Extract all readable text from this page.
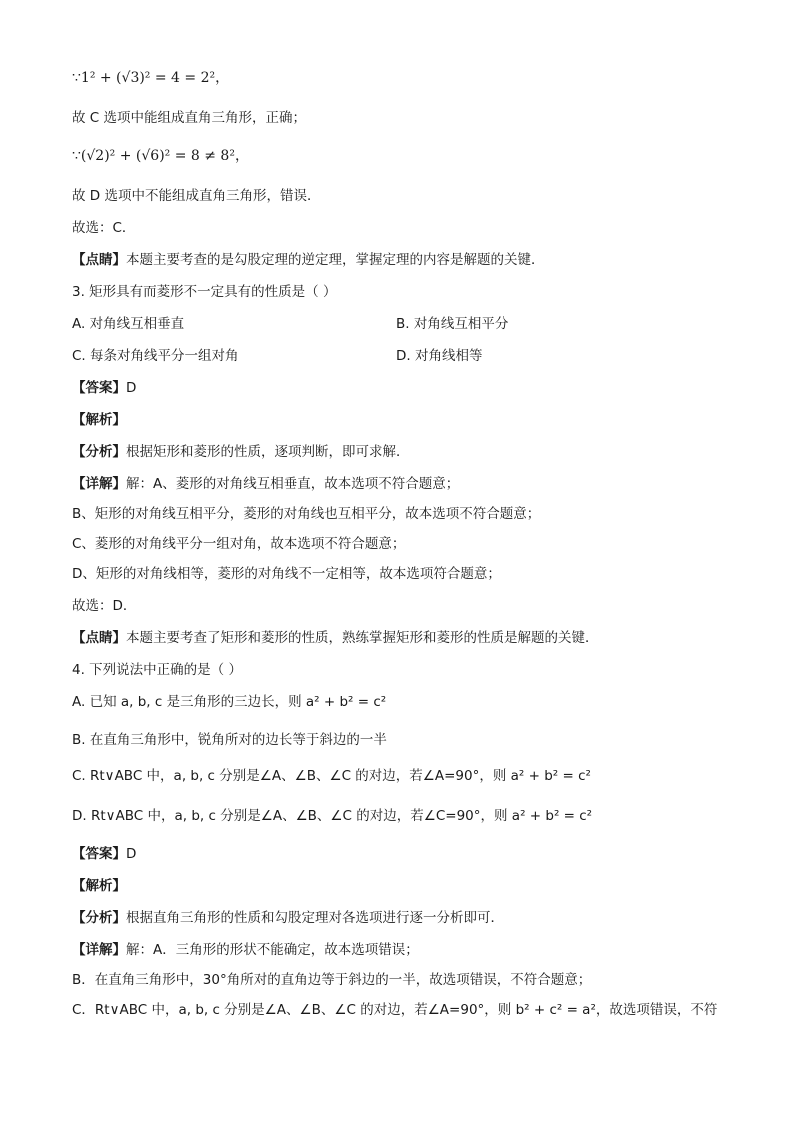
∵1² + (√3)² = 4 = 2²，
故 C 选项中能组成直角三角形，正确；
∵(√2)² + (√6)² = 8 ≠ 8²，
故 D 选项中不能组成直角三角形，错误．
故选：C．
【点睛】本题主要考查的是勾股定理的逆定理，掌握定理的内容是解题的关键．
3. 矩形具有而菱形不一定具有的性质是（ ）
A. 对角线互相垂直	B. 对角线互相平分
C. 每条对角线平分一组对角	D. 对角线相等
【答案】D
【解析】
【分析】根据矩形和菱形的性质，逐项判断，即可求解．
【详解】解：A、菱形的对角线互相垂直，故本选项不符合题意；
B、矩形的对角线互相平分，菱形的对角线也互相平分，故本选项不符合题意；
C、菱形的对角线平分一组对角，故本选项不符合题意；
D、矩形的对角线相等，菱形的对角线不一定相等，故本选项符合题意；
故选：D．
【点睛】本题主要考查了矩形和菱形的性质，熟练掌握矩形和菱形的性质是解题的关键．
4. 下列说法中正确的是（ ）
A. 已知 a, b, c 是三角形的三边长，则 a² + b² = c²
B. 在直角三角形中，锐角所对的边长等于斜边的一半
C. Rt∨ABC 中，a, b, c 分别是∠A、∠B、∠C 的对边，若∠A=90°，则 a² + b² = c²
D. Rt∨ABC 中，a, b, c 分别是∠A、∠B、∠C 的对边，若∠C=90°，则 a² + b² = c²
【答案】D
【解析】
【分析】根据直角三角形的性质和勾股定理对各选项进行逐一分析即可．
【详解】解：A．三角形的形状不能确定，故本选项错误；
B．在直角三角形中，30°角所对的直角边等于斜边的一半，故选项错误，不符合题意；
C．Rt∨ABC 中，a, b, c 分别是∠A、∠B、∠C 的对边，若∠A=90°，则 b² + c² = a²，故选项错误，不符
